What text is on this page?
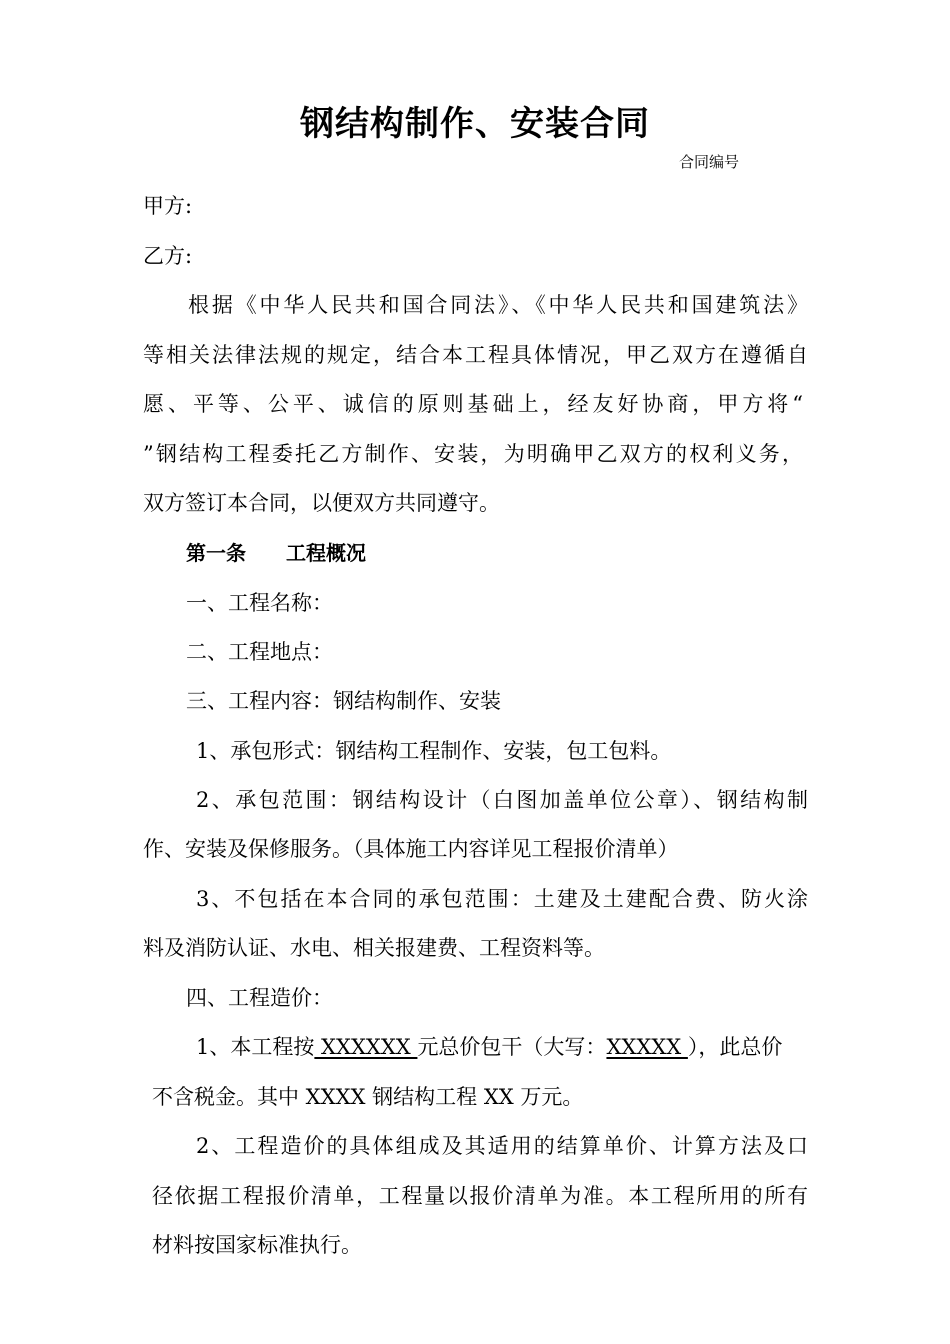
钢结构制作、安装合同
合同编号
甲方:
乙方:
根据《中华人民共和国合同法》、《中华人民共和国建筑法》
等相关法律法规的规定，结合本工程具体情况，甲乙双方在遵循自
愿、平等、公平、诚信的原则基础上，经友好协商，甲方将“
”钢结构工程委托乙方制作、安装，为明确甲乙双方的权利义务，
双方签订本合同，以便双方共同遵守。
第一条 工程概况
一、工程名称：
二、工程地点：
三、工程内容：钢结构制作、安装
1、承包形式：钢结构工程制作、安装，包工包料。
2、承包范围：钢结构设计（白图加盖单位公章）、钢结构制
作、安装及保修服务。（具体施工内容详见工程报价清单）
3、不包括在本合同的承包范围：土建及土建配合费、防火涂
料及消防认证、水电、相关报建费、工程资料等。
四、工程造价：
1、本工程按 XXXXXX 元总价包干（大写：XXXXX ），此总价
不含税金。其中 XXXX 钢结构工程 XX 万元。
2、工程造价的具体组成及其适用的结算单价、计算方法及口
径依据工程报价清单，工程量以报价清单为准。本工程所用的所有
材料按国家标准执行。
